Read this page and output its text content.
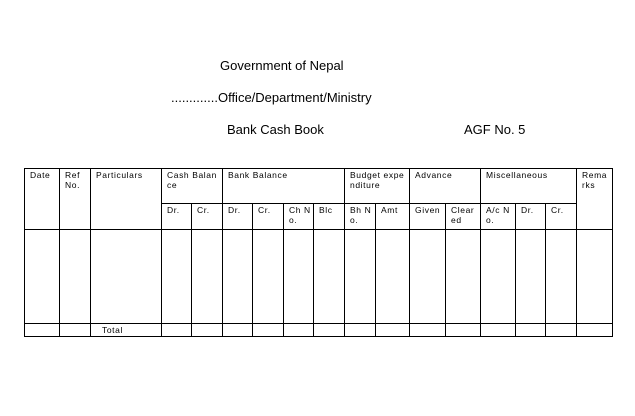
Government of Nepal
.............Office/Department/Ministry
Bank Cash Book	AGF No. 5
Date	Ref No.	Particulars	Cash Balance		Bank Balance				Budget expenditure		Advance		Miscellaneous			Remarks
			Dr.	Cr.	Dr.	Cr.	Ch No.	Blc	Bh No.	Amt	Given	Cleared	A/c No.	Dr.	Cr.	

		Total														
